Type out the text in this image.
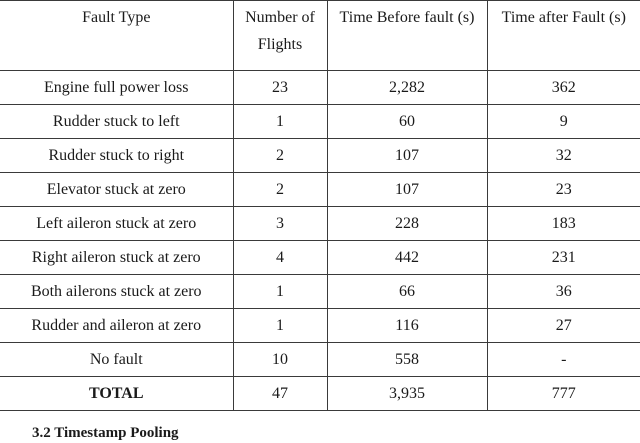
Fault Type	Number of Flights	Time Before fault (s)	Time after Fault (s)
Engine full power loss	23	2,282	362
Rudder stuck to left	1	60	9
Rudder stuck to right	2	107	32
Elevator stuck at zero	2	107	23
Left aileron stuck at zero	3	228	183
Right aileron stuck at zero	4	442	231
Both ailerons stuck at zero	1	66	36
Rudder and aileron at zero	1	116	27
No fault	10	558	-
TOTAL	47	3,935	777
3.2 Timestamp Pooling
